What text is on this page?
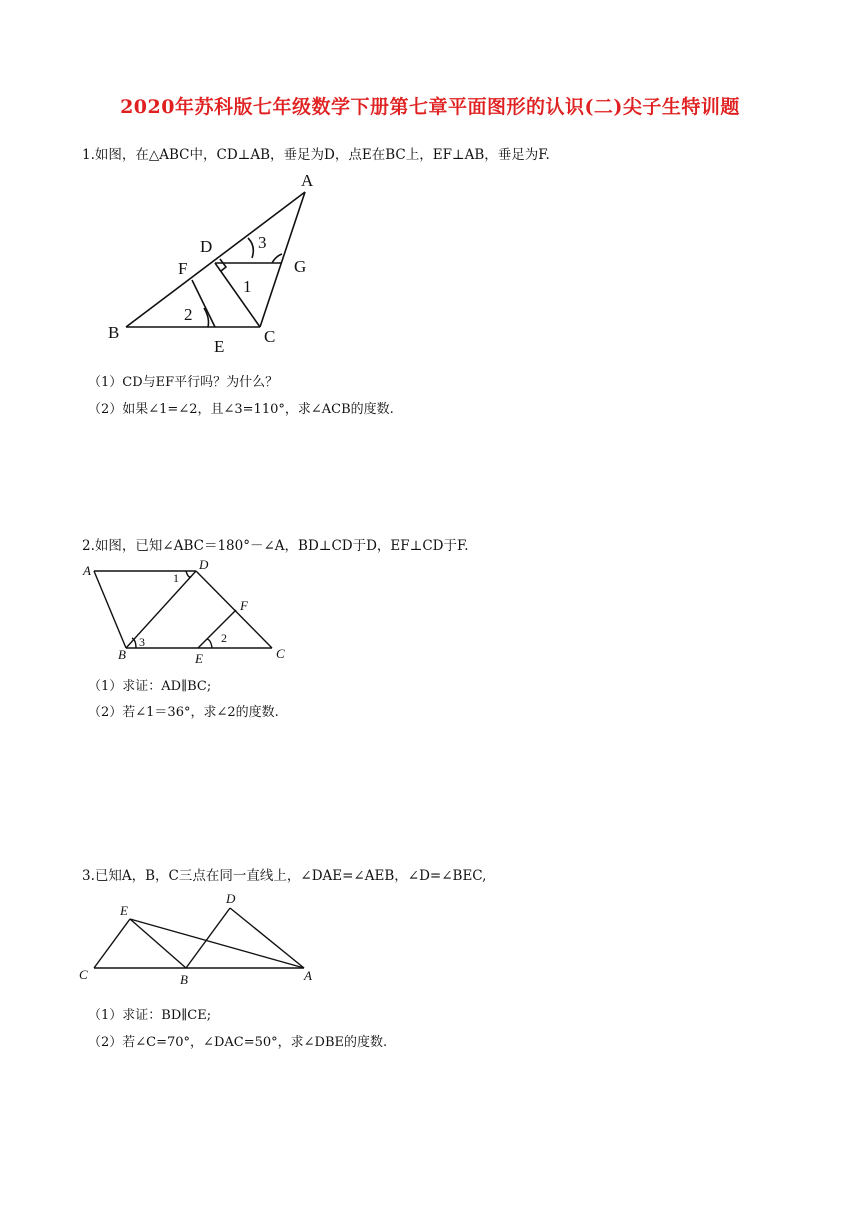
2020年苏科版七年级数学下册第七章平面图形的认识(二)尖子生特训题
1.如图，在△ABC中，CD⊥AB，垂足为D，点E在BC上，EF⊥AB，垂足为F.
A
B	C
D
E
F	G
1
2
3
（1）CD与EF平行吗？为什么？
（2）如果∠1=∠2，且∠3=110°，求∠ACB的度数.
2.如图，已知∠ABC＝180°－∠A，BD⊥CD于D，EF⊥CD于F.
A
B	C
D
E
F
1
2
3
（1）求证：AD∥BC;
（2）若∠1＝36°，求∠2的度数.
3.已知A，B，C三点在同一直线上，∠DAE=∠AEB，∠D=∠BEC,
C	B	A
E
D
（1）求证：BD∥CE;
（2）若∠C=70°，∠DAC=50°，求∠DBE的度数.
